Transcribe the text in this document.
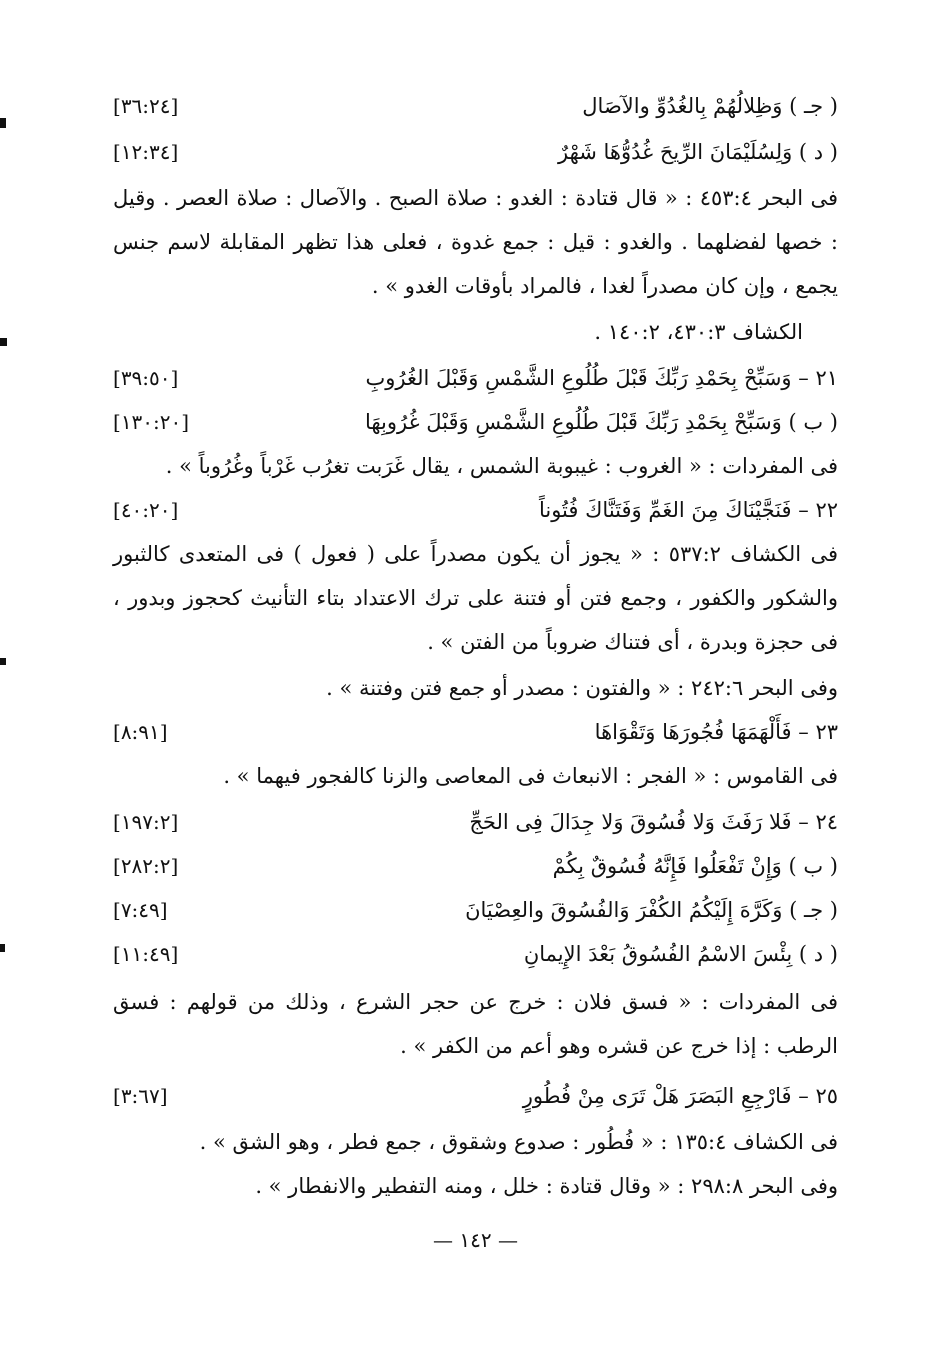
( جـ ) وَظِلالُهُمْ بِالغُدُوِّ والآصَال
[٣٦:٢٤]
( د ) وَلِسُلَيْمَانَ الرِّيحَ غُدُوُّهَا شَهْرٌ
[١٢:٣٤]
فى البحر ٤٥٣:٤ : « قال قتادة : الغدو : صلاة الصبح . والآصال : صلاة العصر . وقيل : خصها لفضلهما . والغدو : قيل : جمع غدوة ، فعلى هذا تظهر المقابلة لاسم جنس يجمع ، وإن كان مصدراً لغدا ، فالمراد بأوقات الغدو » .
الكشاف ٤٣٠:٣، ١٤٠:٢ .
٢١ – وَسَبِّحْ بِحَمْدِ رَبِّكَ قَبْلَ طُلُوعِ الشَّمْسِ وَقَبْلَ الغُرُوبِ
[٣٩:٥٠]
( ب ) وَسَبِّحْ بِحَمْدِ رَبِّكَ قَبْلَ طُلُوعِ الشَّمْسِ وَقَبْلَ غُرُوبِهَا
[١٣٠:٢٠]
فى المفردات : « الغروب : غيبوبة الشمس ، يقال غَرَبت تغرُب غَرْباً وغُرُوباً » .
٢٢ – فَنَجَّيْنَاكَ مِنَ الغَمِّ وَفَتَنَّاكَ فُتُوناً
[٤٠:٢٠]
فى الكشاف ٥٣٧:٢ : « يجوز أن يكون مصدراً على ( فعول ) فى المتعدى كالثبور والشكور والكفور ، وجمع فتن أو فتنة على ترك الاعتداد بتاء التأنيث كحجوز وبدور ، فى حجزة وبدرة ، أى فتناك ضروباً من الفتن » .
وفى البحر ٢٤٢:٦ : « والفتون : مصدر أو جمع فتن وفتنة » .
٢٣ – فَأَلْهَمَهَا فُجُورَهَا وَتَقْوَاهَا
[٨:٩١]
فى القاموس : « الفجر : الانبعاث فى المعاصى والزنا كالفجور فيهما » .
٢٤ – فَلا رَفَثَ وَلا فُسُوقَ وَلا جِدَالَ فِى الحَجِّ
[١٩٧:٢]
( ب ) وَإِنْ تَفْعَلُوا فَإِنَّهُ فُسُوقٌ بِكُمْ
[٢٨٢:٢]
( جـ ) وَكَرَّهَ إِلَيْكُمُ الكُفْرَ وَالفُسُوقَ والعِصْيَانَ
[٧:٤٩]
( د ) بِئْسَ الاسْمُ الفُسُوقُ بَعْدَ الإِيمانِ
[١١:٤٩]
فى المفردات : « فسق فلان : خرج عن حجر الشرع ، وذلك من قولهم : فسق الرطب : إذا خرج عن قشره وهو أعم من الكفر » .
٢٥ – فَارْجِعِ البَصَرَ هَلْ تَرَى مِنْ فُطُورٍ
[٣:٦٧]
فى الكشاف ١٣٥:٤ : « فُطُور : صدوع وشقوق ، جمع فطر ، وهو الشق » .
وفى البحر ٢٩٨:٨ : « وقال قتادة : خلل ، ومنه التفطير والانفطار » .
— ١٤٢ —
